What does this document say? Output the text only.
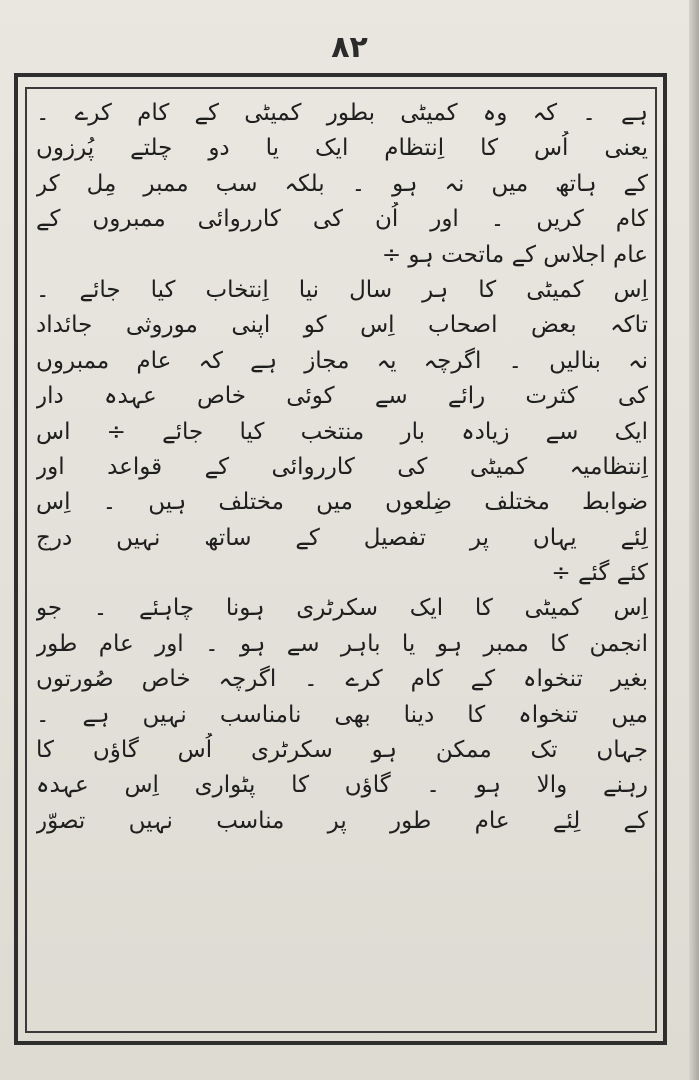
۸۲
ہے ۔ کہ وہ کمیٹی بطور کمیٹی کے کام کرے ۔
یعنی اُس کا اِنتظام ایک یا دو چلتے پُرزوں
کے ہاتھ میں نہ ہو ۔ بلکہ سب ممبر مِل کر
کام کریں ۔ اور اُن کی کارروائی ممبروں کے
عام اجلاس کے ماتحت ہو ÷
اِس کمیٹی کا ہر سال نیا اِنتخاب کیا جائے ۔
تاکہ بعض اصحاب اِس کو اپنی موروثی جائداد
نہ بنالیں ۔ اگرچہ یہ مجاز ہے کہ عام ممبروں
کی کثرت رائے سے کوئی خاص عہدہ دار
ایک سے زیادہ بار منتخب کیا جائے ÷ اس
اِنتظامیہ کمیٹی کی کارروائی کے قواعد اور
ضوابط مختلف ضِلعوں میں مختلف ہیں ۔ اِس
لِئے یہاں پر تفصیل کے ساتھ نہیں درج
کئے گئے ÷
اِس کمیٹی کا ایک سکرٹری ہونا چاہئے ۔ جو
انجمن کا ممبر ہو یا باہر سے ہو ۔ اور عام طور
بغیر تنخواہ کے کام کرے ۔ اگرچہ خاص صُورتوں
میں تنخواہ کا دینا بھی نامناسب نہیں ہے ۔
جہاں تک ممکن ہو سکرٹری اُس گاؤں کا
رہنے والا ہو ۔ گاؤں کا پٹواری اِس عہدہ
کے لِئے عام طور پر مناسب نہیں تصوّر
